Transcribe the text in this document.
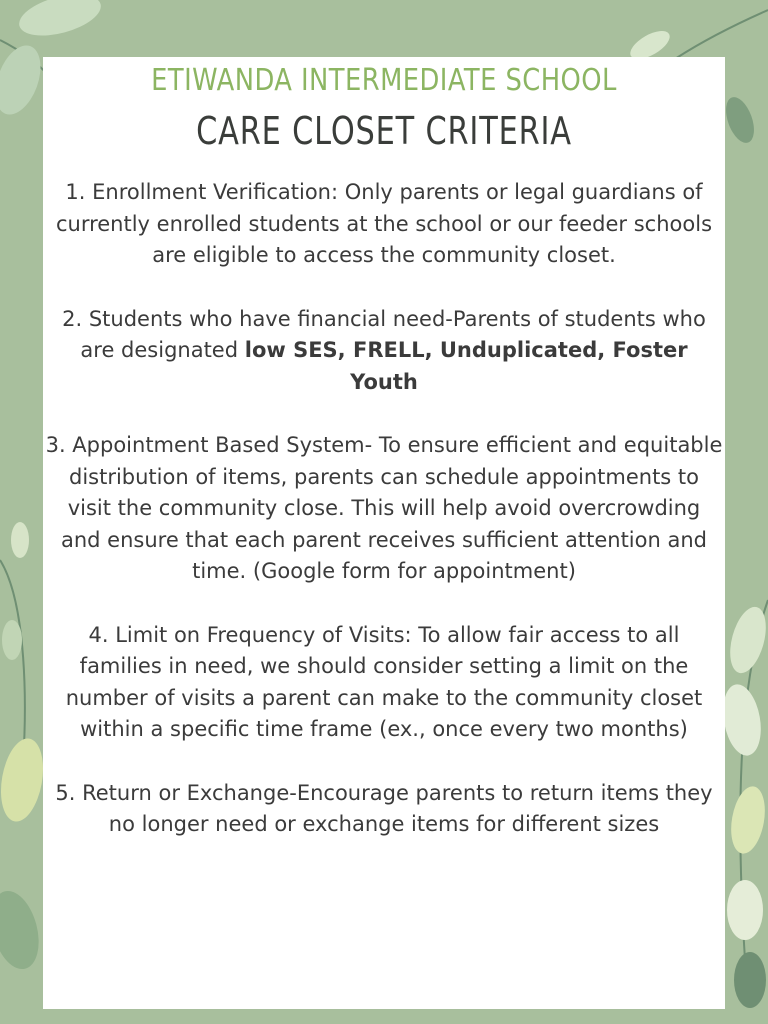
ETIWANDA INTERMEDIATE SCHOOL
CARE CLOSET CRITERIA

1. Enrollment Verification: Only parents or legal guardians of currently enrolled students at the school or our feeder schools are eligible to access the community closet.

2. Students who have financial need-Parents of students who are designated low SES, FRELL, Unduplicated, Foster Youth

3. Appointment Based System- To ensure efficient and equitable distribution of items, parents can schedule appointments to visit the community close. This will help avoid overcrowding and ensure that each parent receives sufficient attention and time. (Google form for appointment)

4. Limit on Frequency of Visits: To allow fair access to all families in need, we should consider setting a limit on the number of visits a parent can make to the community closet within a specific time frame (ex., once every two months)

5. Return or Exchange-Encourage parents to return items they no longer need or exchange items for different sizes
